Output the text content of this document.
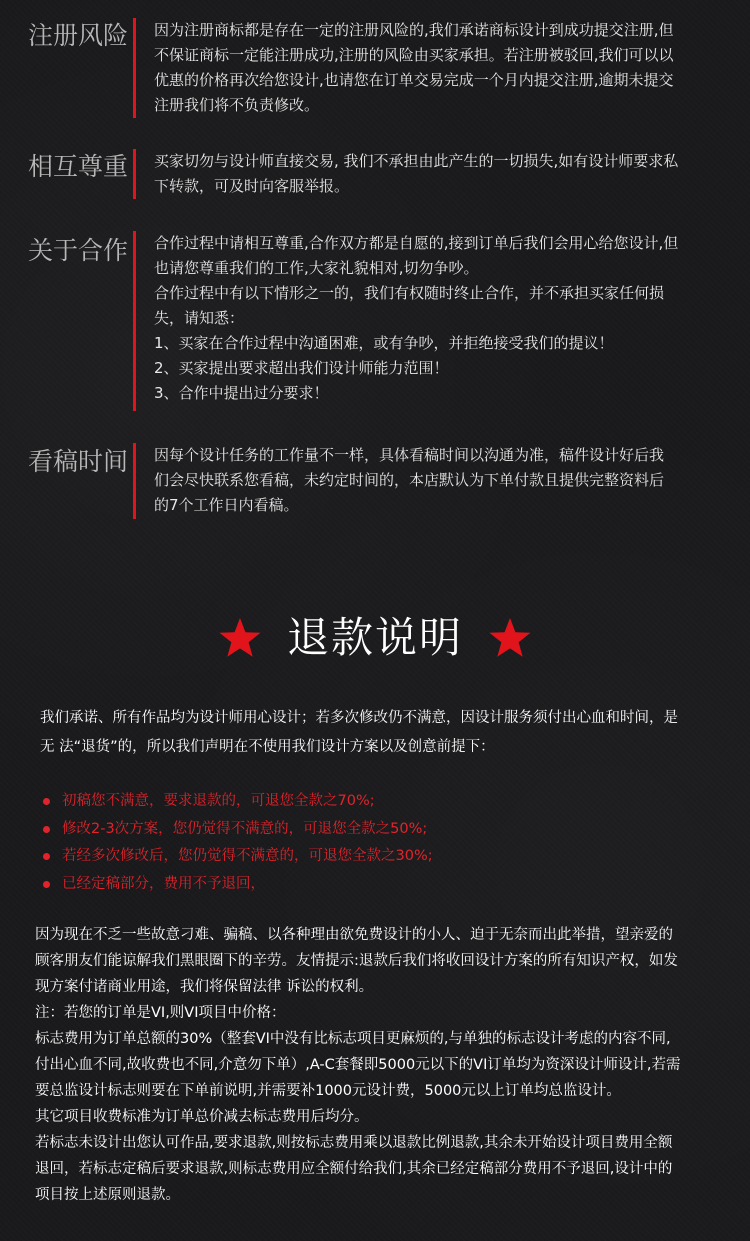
注册风险 因为注册商标都是存在一定的注册风险的,我们承诺商标设计到成功提交注册,但

不保证商标一定能注册成功,注册的风险由买家承担。若注册被驳回,我们可以以

优惠的价格再次给您设计,也请您在订单交易完成一个月内提交注册,逾期未提交

注册我们将不负责修改。

相互尊重 买家切勿与设计师直接交易, 我们不承担由此产生的一切损失,如有设计师要求私

下转款，可及时向客服举报。

关于合作 合作过程中请相互尊重,合作双方都是自愿的,接到订单后我们会用心给您设计,但

也请您尊重我们的工作,大家礼貌相对,切勿争吵。

合作过程中有以下情形之一的，我们有权随时终止合作，并不承担买家任何损

失，请知悉：

1、买家在合作过程中沟通困难，或有争吵，并拒绝接受我们的提议！

2、买家提出要求超出我们设计师能力范围！

3、合作中提出过分要求！

看稿时间 因每个设计任务的工作量不一样，具体看稿时间以沟通为准，稿件设计好后我

们会尽快联系您看稿，未约定时间的，本店默认为下单付款且提供完整资料后

的7个工作日内看稿。

退款说明
我们承诺、所有作品均为设计师用心设计；若多次修改仍不满意，因设计服务须付出心血和时间，是
无 法“退货”的，所以我们声明在不使用我们设计方案以及创意前提下：
初稿您不满意，要求退款的，可退您全款之70%;
修改2-3次方案，您仍觉得不满意的，可退您全款之50%;
若经多次修改后，您仍觉得不满意的，可退您全款之30%;
已经定稿部分，费用不予退回，

因为现在不乏一些故意刁难、骗稿、以各种理由欲免费设计的小人、迫于无奈而出此举措，望亲爱的

顾客朋友们能谅解我们黑眼圈下的辛劳。友情提示:退款后我们将收回设计方案的所有知识产权，如发

现方案付诸商业用途，我们将保留法律 诉讼的权利。

注：若您的订单是VI,则VI项目中价格：

标志费用为订单总额的30%（整套VI中没有比标志项目更麻烦的,与单独的标志设计考虑的内容不同,

付出心血不同,故收费也不同,介意勿下单）,A-C套餐即5000元以下的VI订单均为资深设计师设计,若需

要总监设计标志则要在下单前说明,并需要补1000元设计费，5000元以上订单均总监设计。

其它项目收费标准为订单总价减去标志费用后均分。

若标志未设计出您认可作品,要求退款,则按标志费用乘以退款比例退款,其余未开始设计项目费用全额

退回，若标志定稿后要求退款,则标志费用应全额付给我们,其余已经定稿部分费用不予退回,设计中的

项目按上述原则退款。
